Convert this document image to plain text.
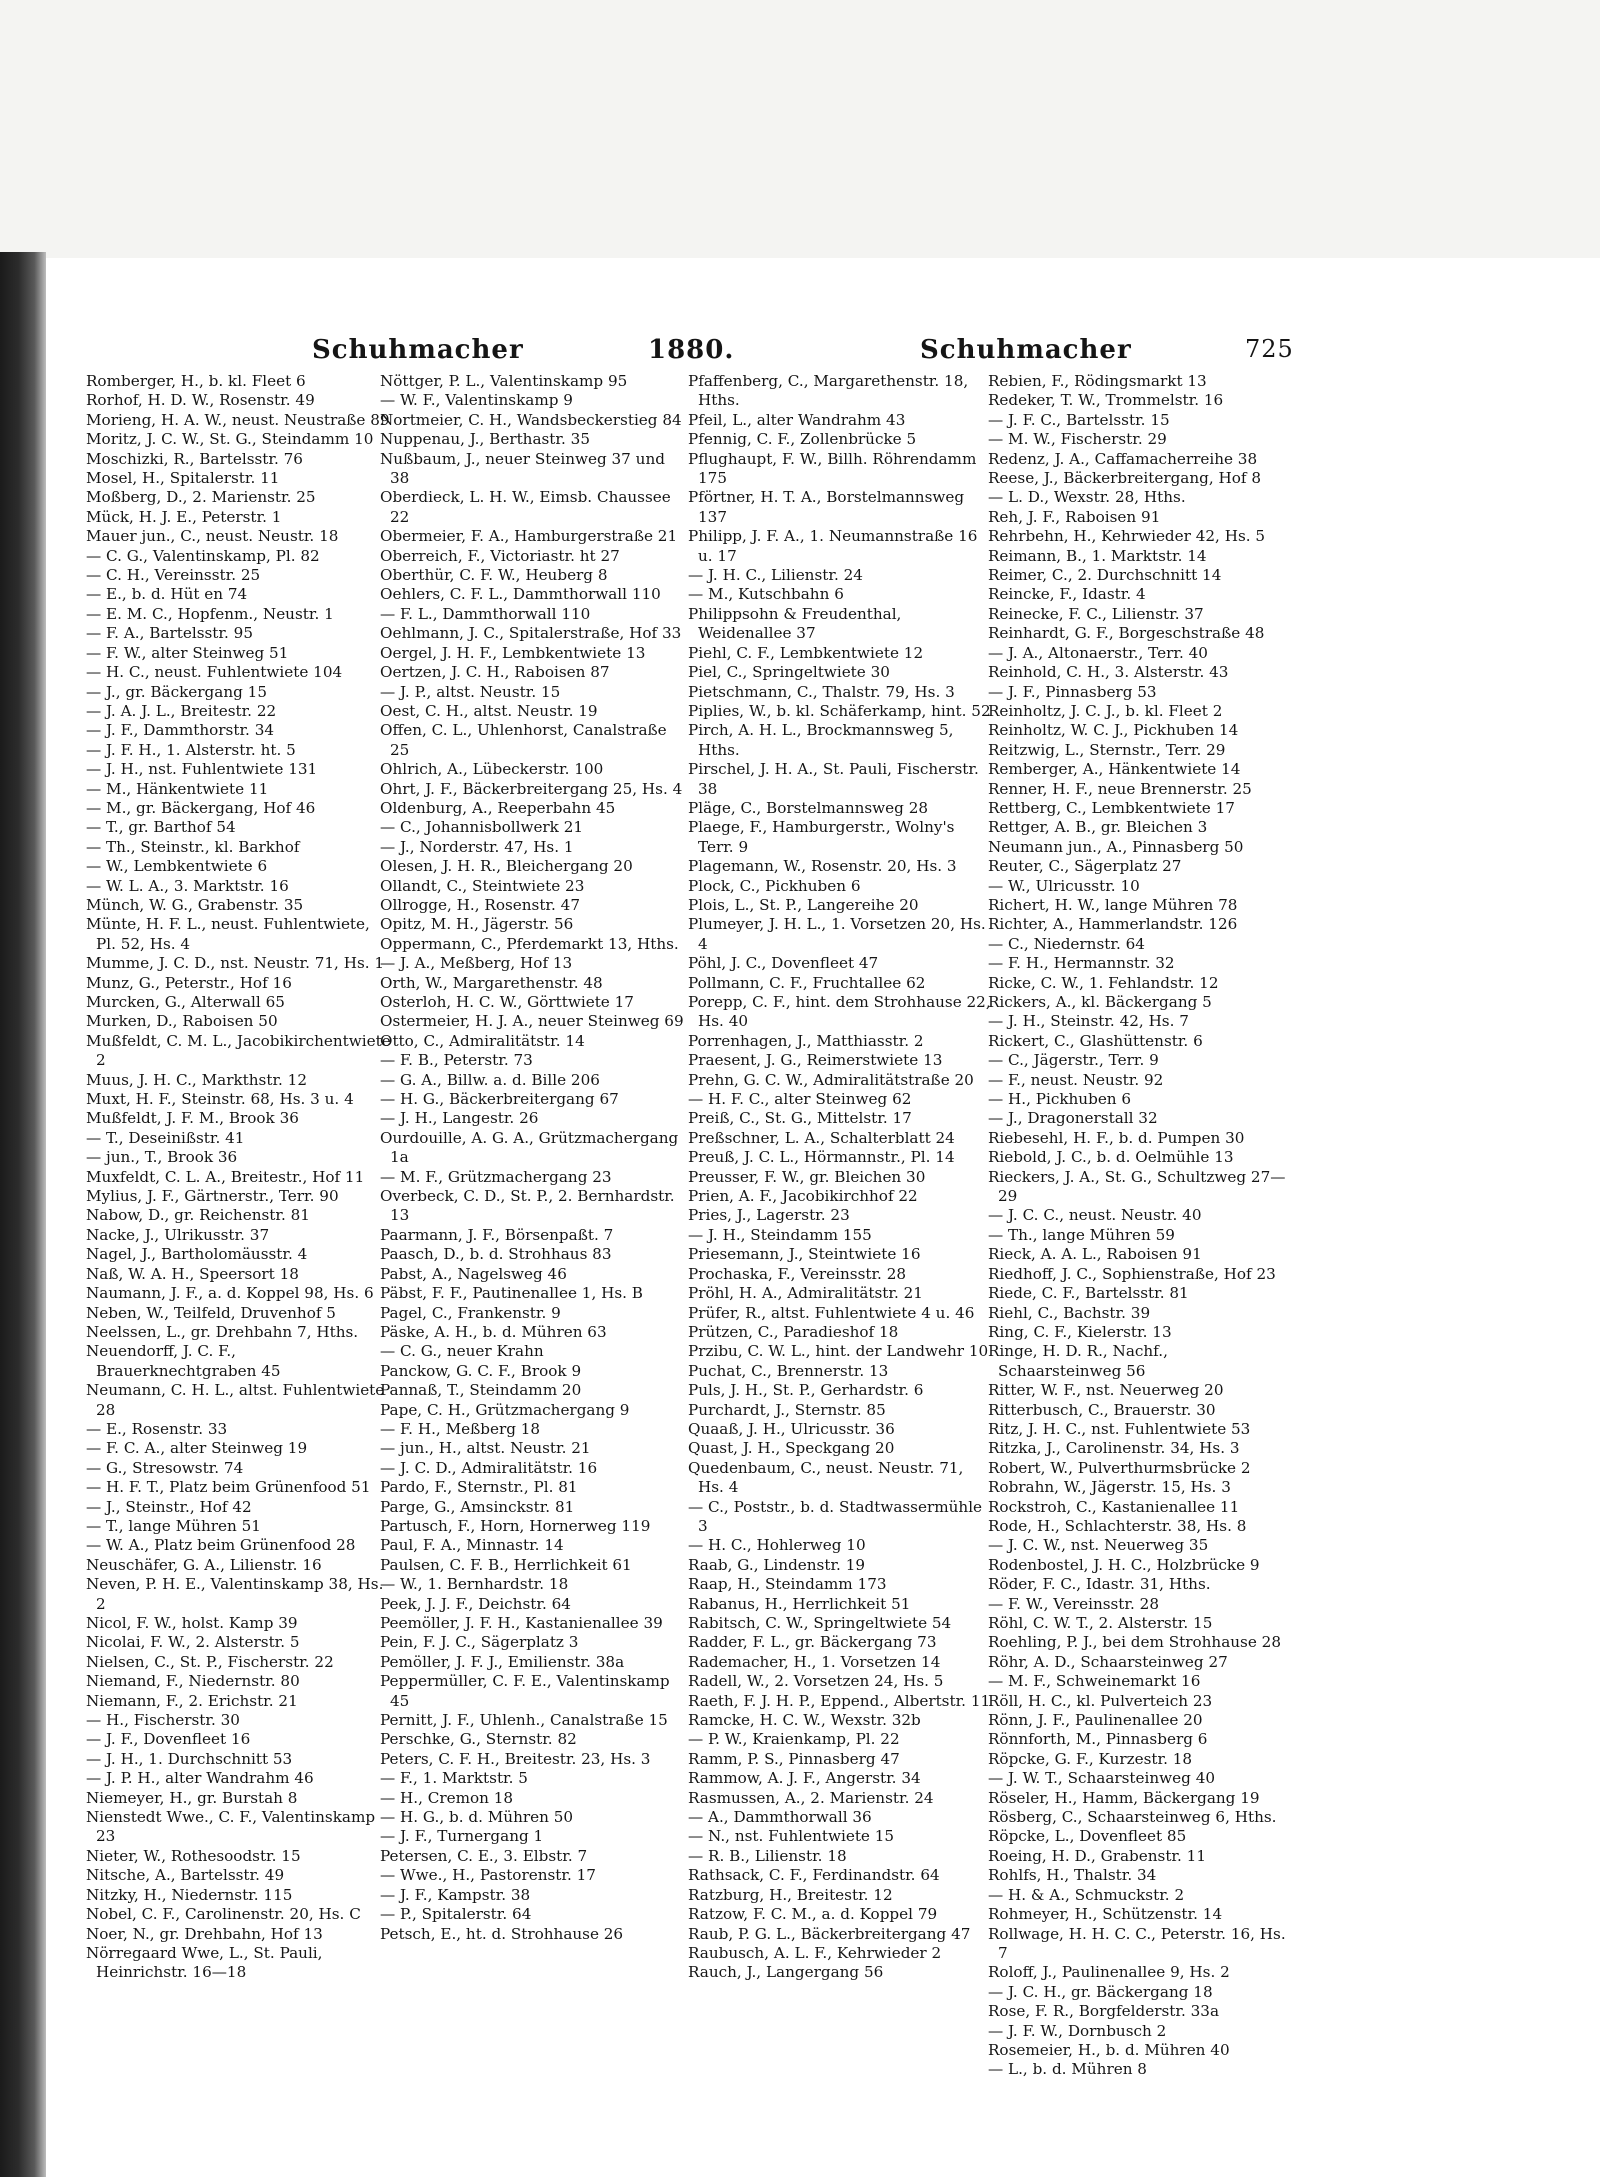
Schuhmacher	1880.	Schuhmacher	725
Romberger, H., b. kl. Fleet 6
Rorhof, H. D. W., Rosenstr. 49
Morieng, H. A. W., neust. Neustraße 89
Moritz, J. C. W., St. G., Steindamm 10
Moschizki, R., Bartelsstr. 76
Mosel, H., Spitalerstr. 11
Moßberg, D., 2. Marienstr. 25
Mück, H. J. E., Peterstr. 1
Mauer jun., C., neust. Neustr. 18
— C. G., Valentinskamp, Pl. 82
— C. H., Vereinsstr. 25
— E., b. d. Hüt en 74
— E. M. C., Hopfenm., Neustr. 1
— F. A., Bartelsstr. 95
— F. W., alter Steinweg 51
— H. C., neust. Fuhlentwiete 104
— J., gr. Bäckergang 15
— J. A. J. L., Breitestr. 22
— J. F., Dammthorstr. 34
— J. F. H., 1. Alsterstr. ht. 5
— J. H., nst. Fuhlentwiete 131
— M., Hänkentwiete 11
— M., gr. Bäckergang, Hof 46
— T., gr. Barthof 54
— Th., Steinstr., kl. Barkhof
— W., Lembkentwiete 6
— W. L. A., 3. Marktstr. 16
Münch, W. G., Grabenstr. 35
Münte, H. F. L., neust. Fuhlentwiete, Pl. 52, Hs. 4
Mumme, J. C. D., nst. Neustr. 71, Hs. 1
Munz, G., Peterstr., Hof 16
Murcken, G., Alterwall 65
Murken, D., Raboisen 50
Mußfeldt, C. M. L., Jacobikirchentwiete 2
Muus, J. H. C., Markthstr. 12
Muxt, H. F., Steinstr. 68, Hs. 3 u. 4
Mußfeldt, J. F. M., Brook 36
— T., Deseinißstr. 41
— jun., T., Brook 36
Muxfeldt, C. L. A., Breitestr., Hof 11
Mylius, J. F., Gärtnerstr., Terr. 90
Nabow, D., gr. Reichenstr. 81
Nacke, J., Ulrikusstr. 37
Nagel, J., Bartholomäusstr. 4
Naß, W. A. H., Speersort 18
Naumann, J. F., a. d. Koppel 98, Hs. 6
Neben, W., Teilfeld, Druvenhof 5
Neelssen, L., gr. Drehbahn 7, Hths.
Neuendorff, J. C. F., Brauerknechtgraben 45
Neumann, C. H. L., altst. Fuhlentwiete 28
— E., Rosenstr. 33
— F. C. A., alter Steinweg 19
— G., Stresowstr. 74
— H. F. T., Platz beim Grünenfood 51
— J., Steinstr., Hof 42
— T., lange Mühren 51
— W. A., Platz beim Grünenfood 28
Neuschäfer, G. A., Lilienstr. 16
Neven, P. H. E., Valentinskamp 38, Hs. 2
Nicol, F. W., holst. Kamp 39
Nicolai, F. W., 2. Alsterstr. 5
Nielsen, C., St. P., Fischerstr. 22
Niemand, F., Niedernstr. 80
Niemann, F., 2. Erichstr. 21
— H., Fischerstr. 30
— J. F., Dovenfleet 16
— J. H., 1. Durchschnitt 53
— J. P. H., alter Wandrahm 46
Niemeyer, H., gr. Burstah 8
Nienstedt Wwe., C. F., Valentinskamp 23
Nieter, W., Rothesoodstr. 15
Nitsche, A., Bartelsstr. 49
Nitzky, H., Niedernstr. 115
Nobel, C. F., Carolinenstr. 20, Hs. C
Noer, N., gr. Drehbahn, Hof 13
Nörregaard Wwe, L., St. Pauli, Heinrichstr. 16—18
Nöttger, P. L., Valentinskamp 95
— W. F., Valentinskamp 9
Nortmeier, C. H., Wandsbeckerstieg 84
Nuppenau, J., Berthastr. 35
Nußbaum, J., neuer Steinweg 37 und 38
Oberdieck, L. H. W., Eimsb. Chaussee 22
Obermeier, F. A., Hamburgerstraße 21
Oberreich, F., Victoriastr. ht 27
Oberthür, C. F. W., Heuberg 8
Oehlers, C. F. L., Dammthorwall 110
— F. L., Dammthorwall 110
Oehlmann, J. C., Spitalerstraße, Hof 33
Oergel, J. H. F., Lembkentwiete 13
Oertzen, J. C. H., Raboisen 87
— J. P., altst. Neustr. 15
Oest, C. H., altst. Neustr. 19
Offen, C. L., Uhlenhorst, Canalstraße 25
Ohlrich, A., Lübeckerstr. 100
Ohrt, J. F., Bäckerbreitergang 25, Hs. 4
Oldenburg, A., Reeperbahn 45
— C., Johannisbollwerk 21
— J., Norderstr. 47, Hs. 1
Olesen, J. H. R., Bleichergang 20
Ollandt, C., Steintwiete 23
Ollrogge, H., Rosenstr. 47
Opitz, M. H., Jägerstr. 56
Oppermann, C., Pferdemarkt 13, Hths.
— J. A., Meßberg, Hof 13
Orth, W., Margarethenstr. 48
Osterloh, H. C. W., Görttwiete 17
Ostermeier, H. J. A., neuer Steinweg 69
Otto, C., Admiralitätstr. 14
— F. B., Peterstr. 73
— G. A., Billw. a. d. Bille 206
— H. G., Bäckerbreitergang 67
— J. H., Langestr. 26
Ourdouille, A. G. A., Grützmachergang 1a
— M. F., Grützmachergang 23
Overbeck, C. D., St. P., 2. Bernhardstr. 13
Paarmann, J. F., Börsenpaßt. 7
Paasch, D., b. d. Strohhaus 83
Pabst, A., Nagelsweg 46
Päbst, F. F., Pautinenallee 1, Hs. B
Pagel, C., Frankenstr. 9
Päske, A. H., b. d. Mühren 63
— C. G., neuer Krahn
Panckow, G. C. F., Brook 9
Pannaß, T., Steindamm 20
Pape, C. H., Grützmachergang 9
— F. H., Meßberg 18
— jun., H., altst. Neustr. 21
— J. C. D., Admiralitätstr. 16
Pardo, F., Sternstr., Pl. 81
Parge, G., Amsinckstr. 81
Partusch, F., Horn, Hornerweg 119
Paul, F. A., Minnastr. 14
Paulsen, C. F. B., Herrlichkeit 61
— W., 1. Bernhardstr. 18
Peek, J. J. F., Deichstr. 64
Peemöller, J. F. H., Kastanienallee 39
Pein, F. J. C., Sägerplatz 3
Pemöller, J. F. J., Emilienstr. 38a
Peppermüller, C. F. E., Valentinskamp 45
Pernitt, J. F., Uhlenh., Canalstraße 15
Perschke, G., Sternstr. 82
Peters, C. F. H., Breitestr. 23, Hs. 3
— F., 1. Marktstr. 5
— H., Cremon 18
— H. G., b. d. Mühren 50
— J. F., Turnergang 1
Petersen, C. E., 3. Elbstr. 7
— Wwe., H., Pastorenstr. 17
— J. F., Kampstr. 38
— P., Spitalerstr. 64
Petsch, E., ht. d. Strohhause 26
Pfaffenberg, C., Margarethenstr. 18, Hths.
Pfeil, L., alter Wandrahm 43
Pfennig, C. F., Zollenbrücke 5
Pflughaupt, F. W., Billh. Röhrendamm 175
Pförtner, H. T. A., Borstelmannsweg 137
Philipp, J. F. A., 1. Neumannstraße 16 u. 17
— J. H. C., Lilienstr. 24
— M., Kutschbahn 6
Philippsohn & Freudenthal, Weidenallee 37
Piehl, C. F., Lembkentwiete 12
Piel, C., Springeltwiete 30
Pietschmann, C., Thalstr. 79, Hs. 3
Piplies, W., b. kl. Schäferkamp, hint. 52
Pirch, A. H. L., Brockmannsweg 5, Hths.
Pirschel, J. H. A., St. Pauli, Fischerstr. 38
Pläge, C., Borstelmannsweg 28
Plaege, F., Hamburgerstr., Wolny's Terr. 9
Plagemann, W., Rosenstr. 20, Hs. 3
Plock, C., Pickhuben 6
Plois, L., St. P., Langereihe 20
Plumeyer, J. H. L., 1. Vorsetzen 20, Hs. 4
Pöhl, J. C., Dovenfleet 47
Pollmann, C. F., Fruchtallee 62
Porepp, C. F., hint. dem Strohhause 22, Hs. 40
Porrenhagen, J., Matthiasstr. 2
Praesent, J. G., Reimerstwiete 13
Prehn, G. C. W., Admiralitätstraße 20
— H. F. C., alter Steinweg 62
Preiß, C., St. G., Mittelstr. 17
Preßschner, L. A., Schalterblatt 24
Preuß, J. C. L., Hörmannstr., Pl. 14
Preusser, F. W., gr. Bleichen 30
Prien, A. F., Jacobikirchhof 22
Pries, J., Lagerstr. 23
— J. H., Steindamm 155
Priesemann, J., Steintwiete 16
Prochaska, F., Vereinsstr. 28
Pröhl, H. A., Admiralitätstr. 21
Prüfer, R., altst. Fuhlentwiete 4 u. 46
Prützen, C., Paradieshof 18
Przibu, C. W. L., hint. der Landwehr 10
Puchat, C., Brennerstr. 13
Puls, J. H., St. P., Gerhardstr. 6
Purchardt, J., Sternstr. 85
Quaaß, J. H., Ulricusstr. 36
Quast, J. H., Speckgang 20
Quedenbaum, C., neust. Neustr. 71, Hs. 4
— C., Poststr., b. d. Stadtwassermühle 3
— H. C., Hohlerweg 10
Raab, G., Lindenstr. 19
Raap, H., Steindamm 173
Rabanus, H., Herrlichkeit 51
Rabitsch, C. W., Springeltwiete 54
Radder, F. L., gr. Bäckergang 73
Rademacher, H., 1. Vorsetzen 14
Radell, W., 2. Vorsetzen 24, Hs. 5
Raeth, F. J. H. P., Eppend., Albertstr. 11
Ramcke, H. C. W., Wexstr. 32b
— P. W., Kraienkamp, Pl. 22
Ramm, P. S., Pinnasberg 47
Rammow, A. J. F., Angerstr. 34
Rasmussen, A., 2. Marienstr. 24
— A., Dammthorwall 36
— N., nst. Fuhlentwiete 15
— R. B., Lilienstr. 18
Rathsack, C. F., Ferdinandstr. 64
Ratzburg, H., Breitestr. 12
Ratzow, F. C. M., a. d. Koppel 79
Raub, P. G. L., Bäckerbreitergang 47
Raubusch, A. L. F., Kehrwieder 2
Rauch, J., Langergang 56
Rebien, F., Rödingsmarkt 13
Redeker, T. W., Trommelstr. 16
— J. F. C., Bartelsstr. 15
— M. W., Fischerstr. 29
Redenz, J. A., Caffamacherreihe 38
Reese, J., Bäckerbreitergang, Hof 8
— L. D., Wexstr. 28, Hths.
Reh, J. F., Raboisen 91
Rehrbehn, H., Kehrwieder 42, Hs. 5
Reimann, B., 1. Marktstr. 14
Reimer, C., 2. Durchschnitt 14
Reincke, F., Idastr. 4
Reinecke, F. C., Lilienstr. 37
Reinhardt, G. F., Borgeschstraße 48
— J. A., Altonaerstr., Terr. 40
Reinhold, C. H., 3. Alsterstr. 43
— J. F., Pinnasberg 53
Reinholtz, J. C. J., b. kl. Fleet 2
Reinholtz, W. C. J., Pickhuben 14
Reitzwig, L., Sternstr., Terr. 29
Remberger, A., Hänkentwiete 14
Renner, H. F., neue Brennerstr. 25
Rettberg, C., Lembkentwiete 17
Rettger, A. B., gr. Bleichen 3
Neumann jun., A., Pinnasberg 50
Reuter, C., Sägerplatz 27
— W., Ulricusstr. 10
Richert, H. W., lange Mühren 78
Richter, A., Hammerlandstr. 126
— C., Niedernstr. 64
— F. H., Hermannstr. 32
Ricke, C. W., 1. Fehlandstr. 12
Rickers, A., kl. Bäckergang 5
— J. H., Steinstr. 42, Hs. 7
Rickert, C., Glashüttenstr. 6
— C., Jägerstr., Terr. 9
— F., neust. Neustr. 92
— H., Pickhuben 6
— J., Dragonerstall 32
Riebesehl, H. F., b. d. Pumpen 30
Riebold, J. C., b. d. Oelmühle 13
Rieckers, J. A., St. G., Schultzweg 27—29
— J. C. C., neust. Neustr. 40
— Th., lange Mühren 59
Rieck, A. A. L., Raboisen 91
Riedhoff, J. C., Sophienstraße, Hof 23
Riede, C. F., Bartelsstr. 81
Riehl, C., Bachstr. 39
Ring, C. F., Kielerstr. 13
Ringe, H. D. R., Nachf., Schaarsteinweg 56
Ritter, W. F., nst. Neuerweg 20
Ritterbusch, C., Brauerstr. 30
Ritz, J. H. C., nst. Fuhlentwiete 53
Ritzka, J., Carolinenstr. 34, Hs. 3
Robert, W., Pulverthurmsbrücke 2
Robrahn, W., Jägerstr. 15, Hs. 3
Rockstroh, C., Kastanienallee 11
Rode, H., Schlachterstr. 38, Hs. 8
— J. C. W., nst. Neuerweg 35
Rodenbostel, J. H. C., Holzbrücke 9
Röder, F. C., Idastr. 31, Hths.
— F. W., Vereinsstr. 28
Röhl, C. W. T., 2. Alsterstr. 15
Roehling, P. J., bei dem Strohhause 28
Röhr, A. D., Schaarsteinweg 27
— M. F., Schweinemarkt 16
Röll, H. C., kl. Pulverteich 23
Rönn, J. F., Paulinenallee 20
Rönnforth, M., Pinnasberg 6
Röpcke, G. F., Kurzestr. 18
— J. W. T., Schaarsteinweg 40
Röseler, H., Hamm, Bäckergang 19
Rösberg, C., Schaarsteinweg 6, Hths.
Röpcke, L., Dovenfleet 85
Roeing, H. D., Grabenstr. 11
Rohlfs, H., Thalstr. 34
— H. & A., Schmuckstr. 2
Rohmeyer, H., Schützenstr. 14
Rollwage, H. H. C. C., Peterstr. 16, Hs. 7
Roloff, J., Paulinenallee 9, Hs. 2
— J. C. H., gr. Bäckergang 18
Rose, F. R., Borgfelderstr. 33a
— J. F. W., Dornbusch 2
Rosemeier, H., b. d. Mühren 40
— L., b. d. Mühren 8
